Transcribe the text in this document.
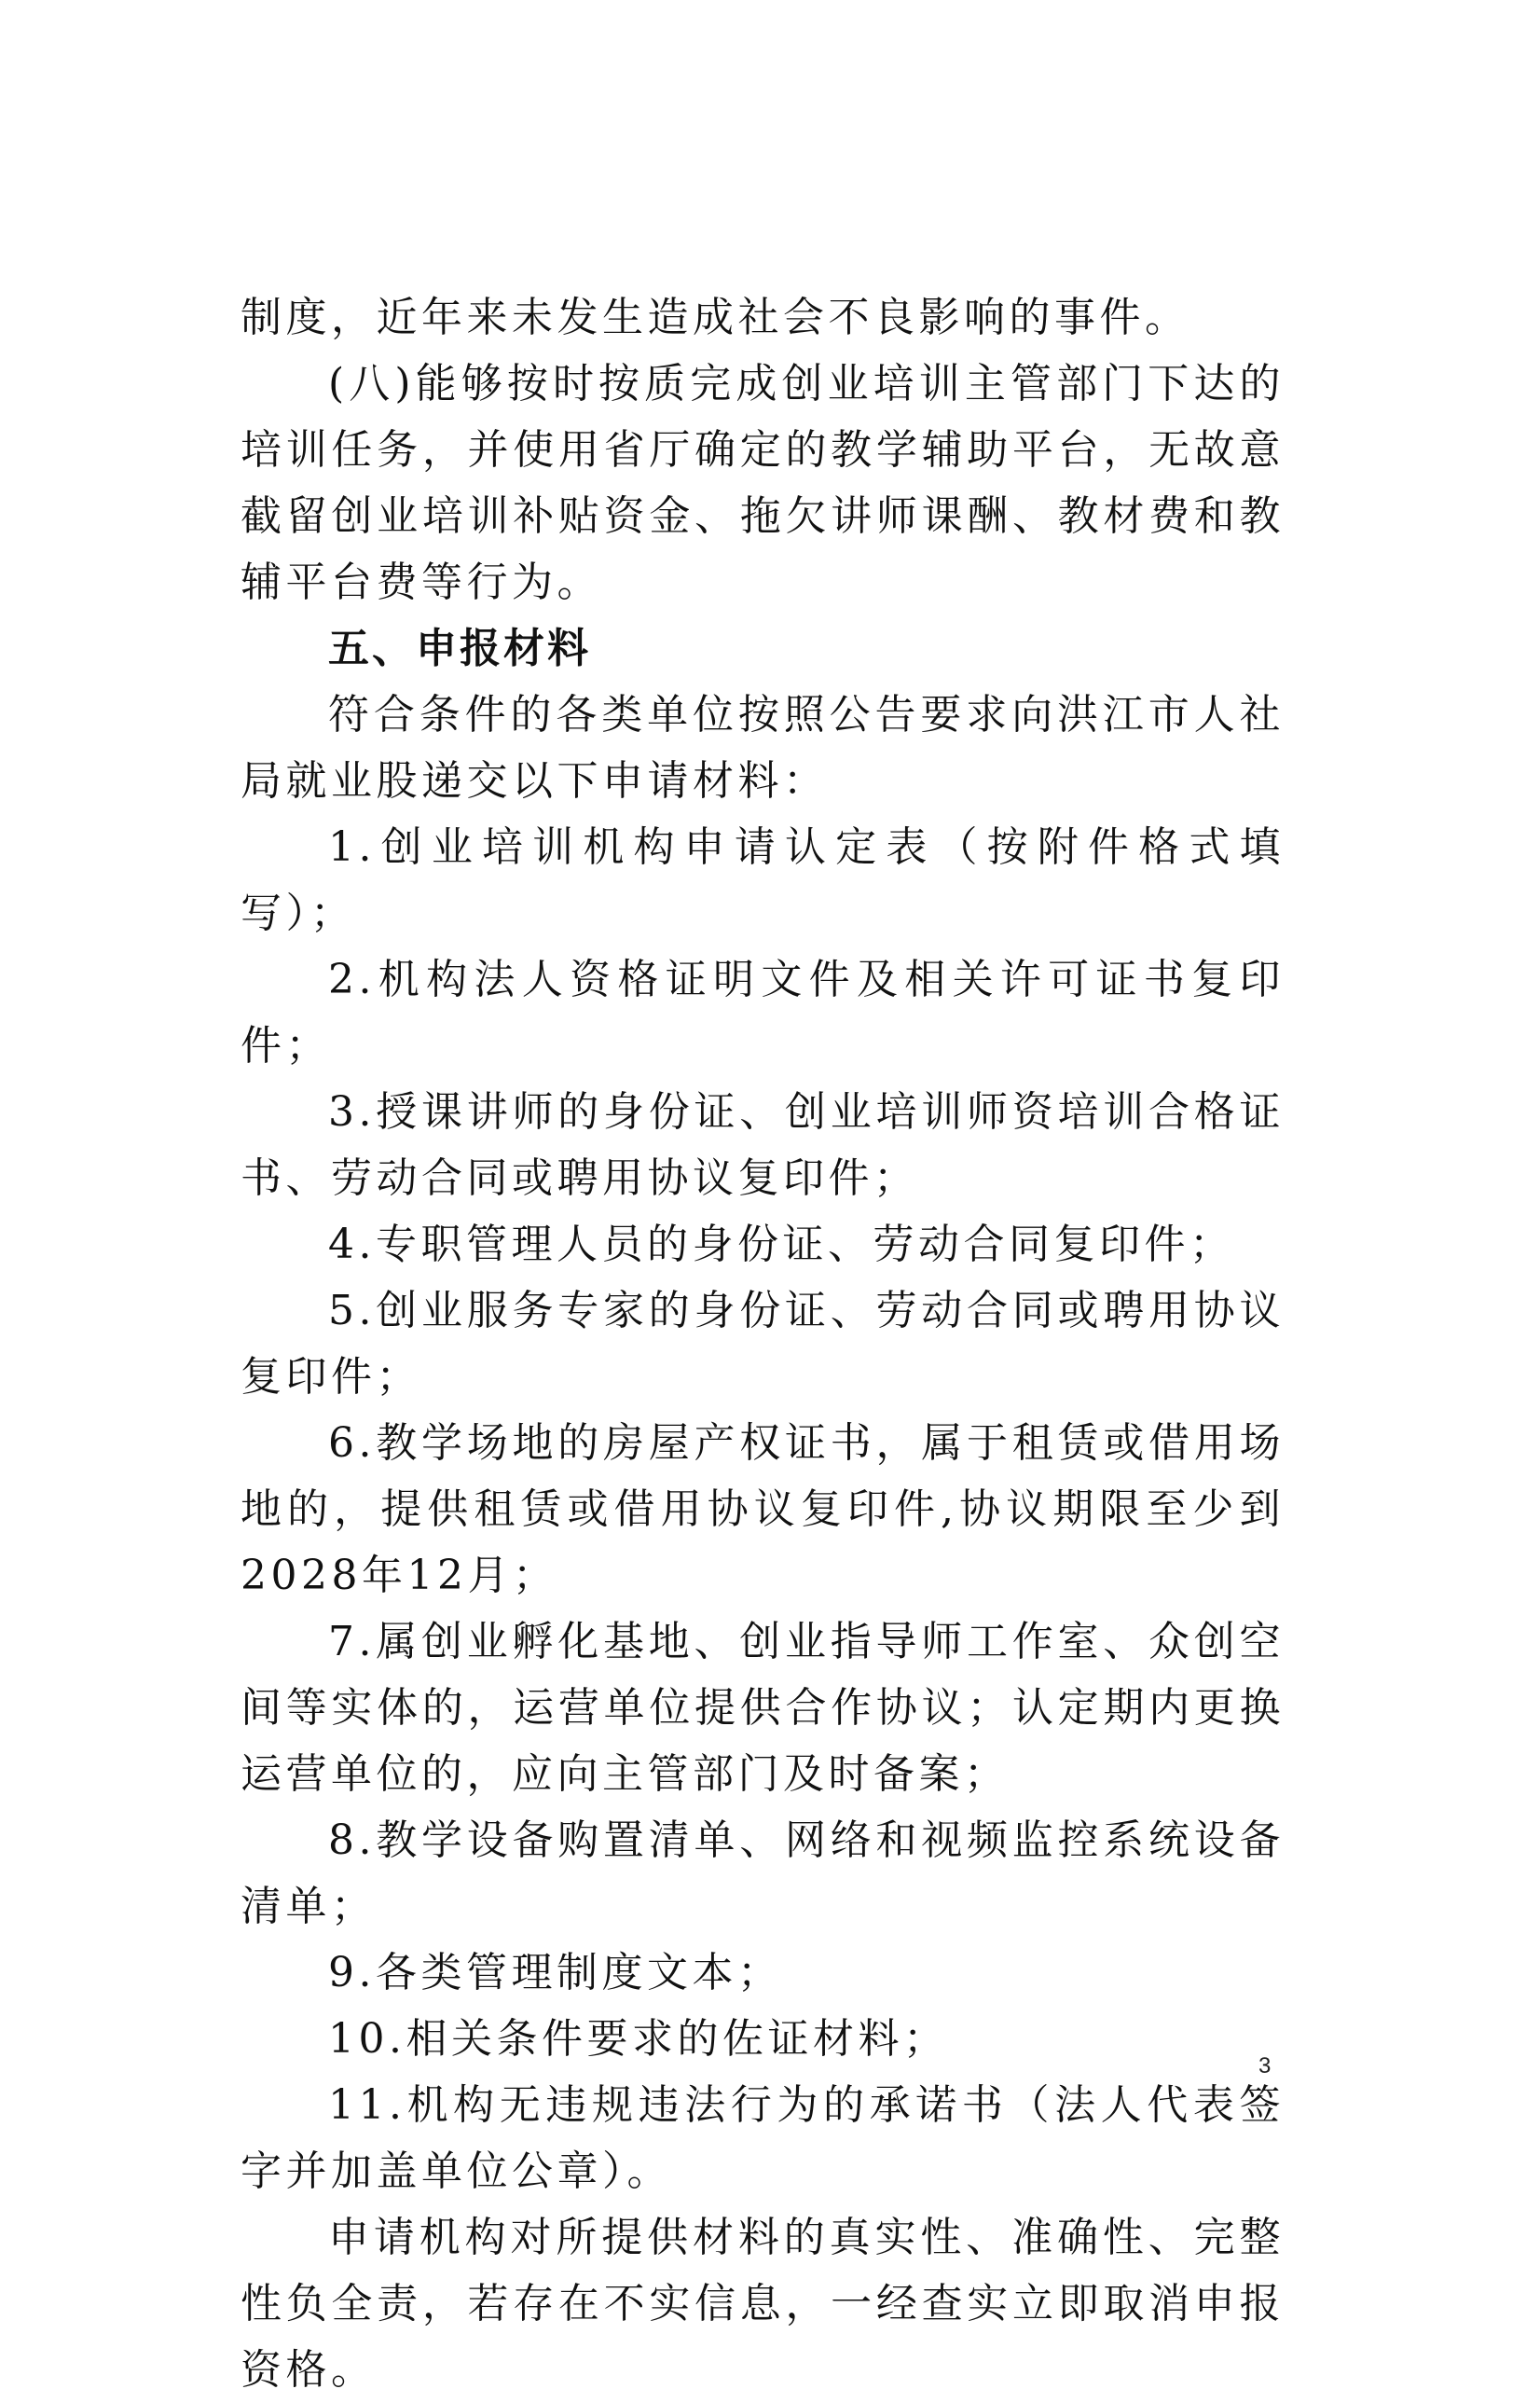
制度，近年来未发生造成社会不良影响的事件。

(八)能够按时按质完成创业培训主管部门下达的培训任务，并使用省厅确定的教学辅助平台，无故意截留创业培训补贴资金、拖欠讲师课酬、教材费和教辅平台费等行为。

五、申报材料

符合条件的各类单位按照公告要求向洪江市人社局就业股递交以下申请材料：

1.创业培训机构申请认定表（按附件格式填写）；

2.机构法人资格证明文件及相关许可证书复印件；

3.授课讲师的身份证、创业培训师资培训合格证书、劳动合同或聘用协议复印件；

4.专职管理人员的身份证、劳动合同复印件；

5.创业服务专家的身份证、劳动合同或聘用协议复印件；

6.教学场地的房屋产权证书，属于租赁或借用场地的，提供租赁或借用协议复印件,协议期限至少到2028年12月；

7.属创业孵化基地、创业指导师工作室、众创空间等实体的，运营单位提供合作协议；认定期内更换运营单位的，应向主管部门及时备案；

8.教学设备购置清单、网络和视频监控系统设备清单；

9.各类管理制度文本；

10.相关条件要求的佐证材料；

11.机构无违规违法行为的承诺书（法人代表签字并加盖单位公章）。

申请机构对所提供材料的真实性、准确性、完整性负全责，若存在不实信息，一经查实立即取消申报资格。

3
